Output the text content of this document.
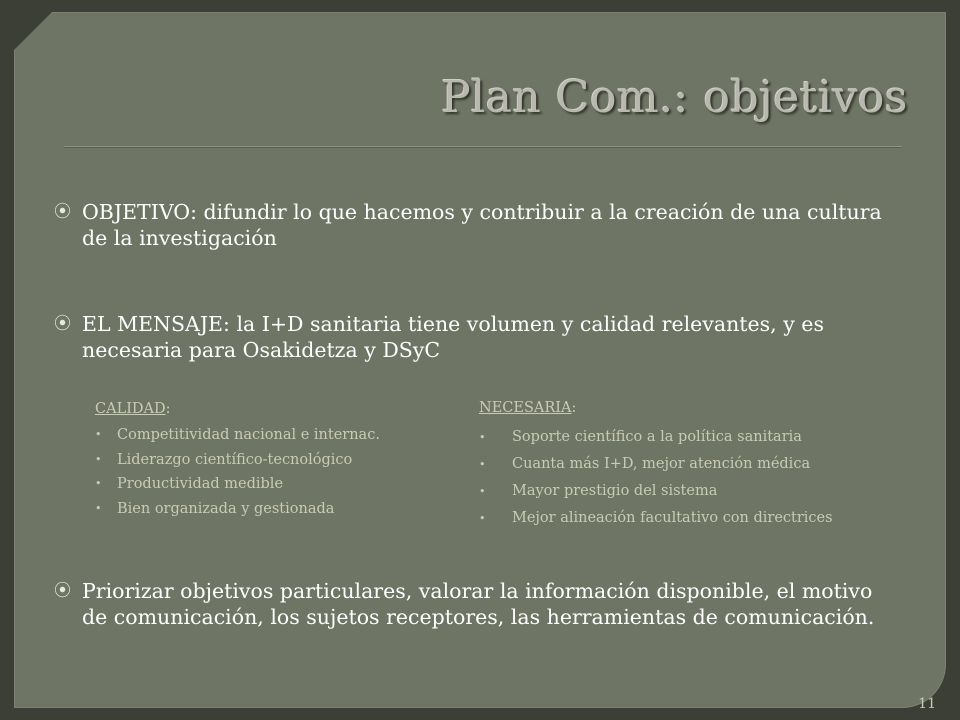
Plan Com.: objetivos
⦿ OBJETIVO: difundir lo que hacemos y contribuir a la creación de una cultura de la investigación
⦿ EL MENSAJE: la I+D sanitaria tiene volumen y calidad relevantes, y es necesaria para Osakidetza y DSyC
CALIDAD:
•	Competitividad nacional e internac.
•	Liderazgo científico-tecnológico
•	Productividad medible
•	Bien organizada y gestionada
NECESARIA:
•	Soporte científico a la política sanitaria
•	Cuanta más I+D, mejor atención médica
•	Mayor prestigio del sistema
•	Mejor alineación facultativo con directrices
⦿ Priorizar objetivos particulares, valorar la información disponible, el motivo de comunicación, los sujetos receptores, las herramientas de comunicación.
11
